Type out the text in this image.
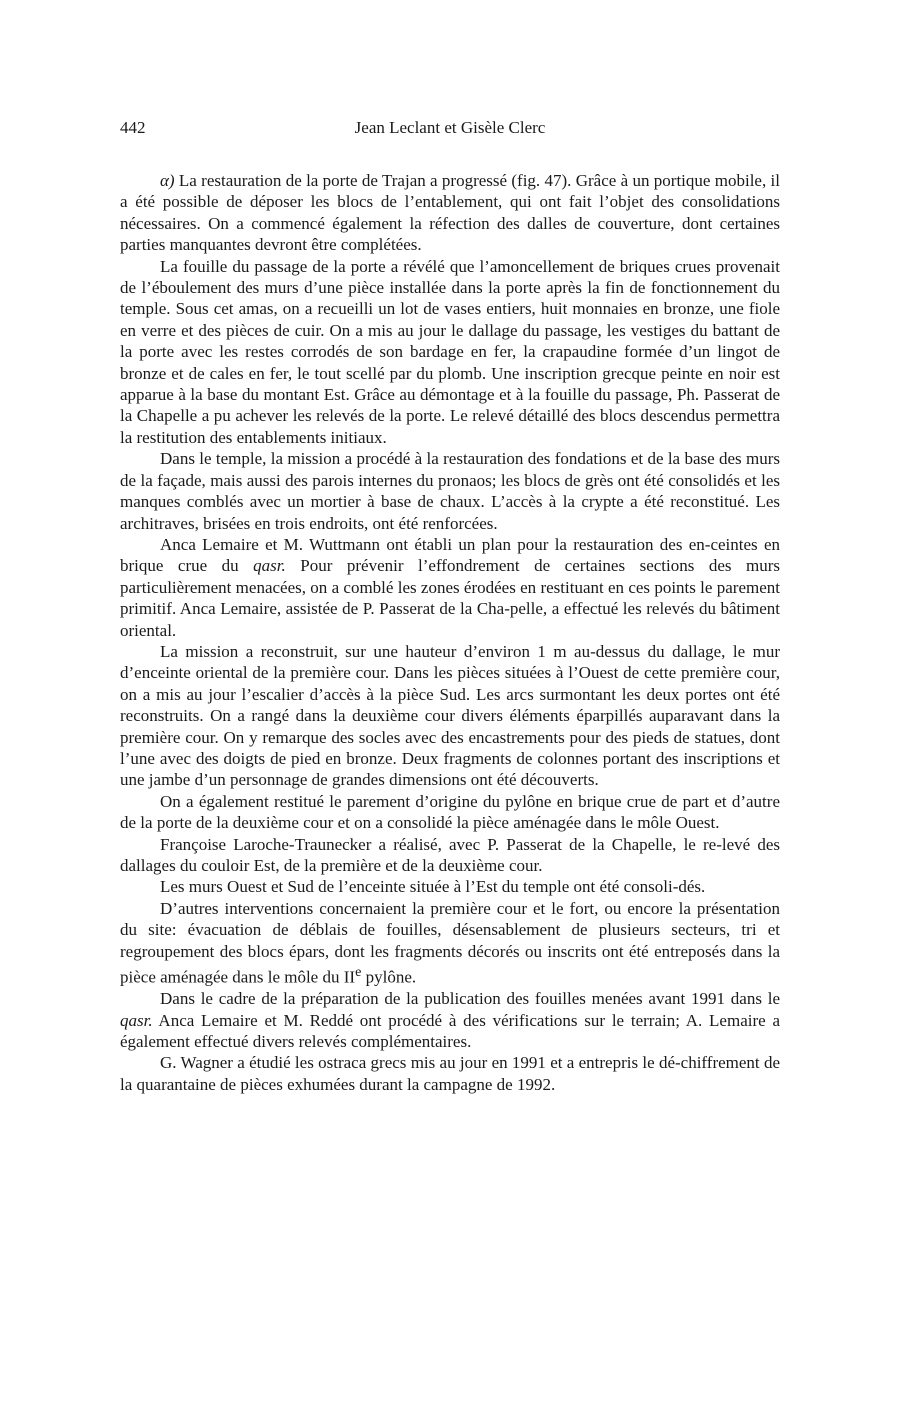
442	Jean Leclant et Gisèle Clerc

α) La restauration de la porte de Trajan a progressé (fig. 47). Grâce à un portique mobile, il a été possible de déposer les blocs de l’entablement, qui ont fait l’objet des consolidations nécessaires. On a commencé également la réfection des dalles de couverture, dont certaines parties manquantes devront être complétées.

La fouille du passage de la porte a révélé que l’amoncellement de briques crues provenait de l’éboulement des murs d’une pièce installée dans la porte après la fin de fonctionnement du temple. Sous cet amas, on a recueilli un lot de vases entiers, huit monnaies en bronze, une fiole en verre et des pièces de cuir. On a mis au jour le dallage du passage, les vestiges du battant de la porte avec les restes corrodés de son bardage en fer, la crapaudine formée d’un lingot de bronze et de cales en fer, le tout scellé par du plomb. Une inscription grecque peinte en noir est apparue à la base du montant Est. Grâce au démontage et à la fouille du passage, Ph. Passerat de la Chapelle a pu achever les relevés de la porte. Le relevé détaillé des blocs descendus permettra la restitution des entablements initiaux.

Dans le temple, la mission a procédé à la restauration des fondations et de la base des murs de la façade, mais aussi des parois internes du pronaos; les blocs de grès ont été consolidés et les manques comblés avec un mortier à base de chaux. L’accès à la crypte a été reconstitué. Les architraves, brisées en trois endroits, ont été renforcées.

Anca Lemaire et M. Wuttmann ont établi un plan pour la restauration des en-ceintes en brique crue du qasr. Pour prévenir l’effondrement de certaines sections des murs particulièrement menacées, on a comblé les zones érodées en restituant en ces points le parement primitif. Anca Lemaire, assistée de P. Passerat de la Cha-pelle, a effectué les relevés du bâtiment oriental.

La mission a reconstruit, sur une hauteur d’environ 1 m au-dessus du dallage, le mur d’enceinte oriental de la première cour. Dans les pièces situées à l’Ouest de cette première cour, on a mis au jour l’escalier d’accès à la pièce Sud. Les arcs surmontant les deux portes ont été reconstruits. On a rangé dans la deuxième cour divers éléments éparpillés auparavant dans la première cour. On y remarque des socles avec des encastrements pour des pieds de statues, dont l’une avec des doigts de pied en bronze. Deux fragments de colonnes portant des inscriptions et une jambe d’un personnage de grandes dimensions ont été découverts.

On a également restitué le parement d’origine du pylône en brique crue de part et d’autre de la porte de la deuxième cour et on a consolidé la pièce aménagée dans le môle Ouest.

Françoise Laroche-Traunecker a réalisé, avec P. Passerat de la Chapelle, le re-levé des dallages du couloir Est, de la première et de la deuxième cour.

Les murs Ouest et Sud de l’enceinte située à l’Est du temple ont été consoli-dés.

D’autres interventions concernaient la première cour et le fort, ou encore la présentation du site: évacuation de déblais de fouilles, désensablement de plusieurs secteurs, tri et regroupement des blocs épars, dont les fragments décorés ou inscrits ont été entreposés dans la pièce aménagée dans le môle du IIe pylône.

Dans le cadre de la préparation de la publication des fouilles menées avant 1991 dans le qasr. Anca Lemaire et M. Reddé ont procédé à des vérifications sur le terrain; A. Lemaire a également effectué divers relevés complémentaires.

G. Wagner a étudié les ostraca grecs mis au jour en 1991 et a entrepris le dé-chiffrement de la quarantaine de pièces exhumées durant la campagne de 1992.
